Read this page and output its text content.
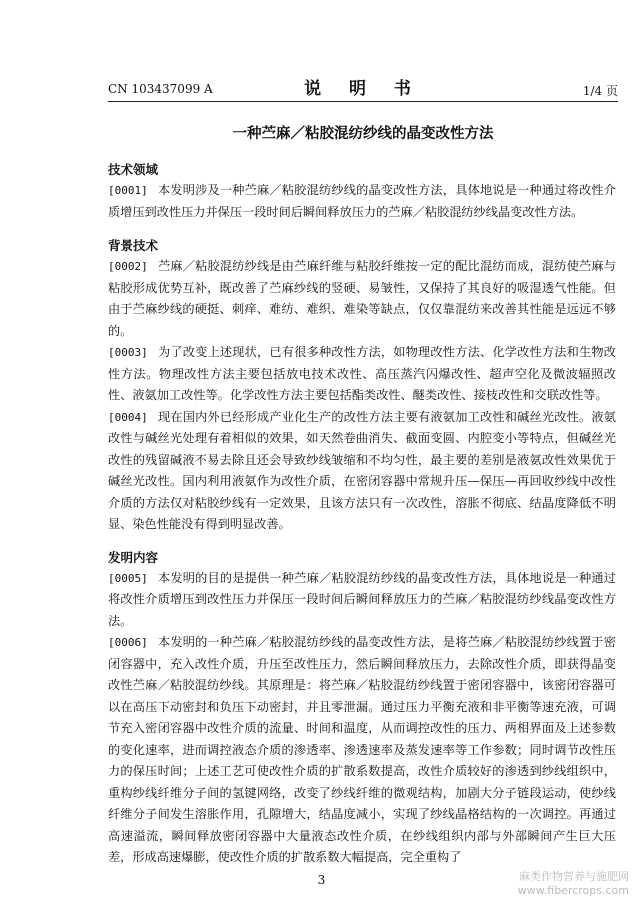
CN 103437099 A	说 明 书	1/4 页
一种苎麻／粘胶混纺纱线的晶变改性方法
技术领域

[0001] 本发明涉及一种苎麻／粘胶混纺纱线的晶变改性方法，具体地说是一种通过将改性介质增压到改性压力并保压一段时间后瞬间释放压力的苎麻／粘胶混纺纱线晶变改性方法。

背景技术

[0002] 苎麻／粘胶混纺纱线是由苎麻纤维与粘胶纤维按一定的配比混纺而成，混纺使苎麻与粘胶形成优势互补，既改善了苎麻纱线的竖硬、易皱性，又保持了其良好的吸湿透气性能。但由于苎麻纱线的硬挺、刺痒、难纺、难织、难染等缺点，仅仅靠混纺来改善其性能是远远不够的。

[0003] 为了改变上述现状，已有很多种改性方法，如物理改性方法、化学改性方法和生物改性方法。物理改性方法主要包括放电技术改性、高压蒸汽闪爆改性、超声空化及微波辐照改性、液氨加工改性等。化学改性方法主要包括酯类改性、醚类改性、接枝改性和交联改性等。

[0004] 现在国内外已经形成产业化生产的改性方法主要有液氨加工改性和碱丝光改性。液氨改性与碱丝光处理有着相似的效果，如天然卷曲消失、截面变圆、内腔变小等特点，但碱丝光改性的残留碱液不易去除且还会导致纱线皱缩和不均匀性，最主要的差别是液氨改性效果优于碱丝光改性。国内利用液氨作为改性介质，在密闭容器中常规升压—保压—再回收纱线中改性介质的方法仅对粘胶纱线有一定效果，且该方法只有一次改性，溶胀不彻底、结晶度降低不明显、染色性能没有得到明显改善。

发明内容

[0005] 本发明的目的是提供一种苎麻／粘胶混纺纱线的晶变改性方法，具体地说是一种通过将改性介质增压到改性压力并保压一段时间后瞬间释放压力的苎麻／粘胶混纺纱线晶变改性方法。

[0006] 本发明的一种苎麻／粘胶混纺纱线的晶变改性方法，是将苎麻／粘胶混纺纱线置于密闭容器中，充入改性介质，升压至改性压力，然后瞬间释放压力，去除改性介质，即获得晶变改性苎麻／粘胶混纺纱线。其原理是：将苎麻／粘胶混纺纱线置于密闭容器中，该密闭容器可以在高压下动密封和负压下动密封，并且零泄漏。通过压力平衡充液和非平衡等速充液，可调节充入密闭容器中改性介质的流量、时间和温度，从而调控改性的压力、两相界面及上述参数的变化速率，进而调控液态介质的渗透率、渗透速率及蒸发速率等工作参数；同时调节改性压力的保压时间；上述工艺可使改性介质的扩散系数提高，改性介质较好的渗透到纱线组织中，重构纱线纤维分子间的氢键网络，改变了纱线纤维的微观结构，加剧大分子链段运动，使纱线纤维分子间发生溶胀作用，孔隙增大，结晶度减小，实现了纱线晶格结构的一次调控。再通过高速溢流，瞬间释放密闭容器中大量液态改性介质，在纱线组织内部与外部瞬间产生巨大压差，形成高速爆膨，使改性介质的扩散系数大幅提高，完全重构了

3	麻类作物营养与施肥网
www.fibercrops.com
